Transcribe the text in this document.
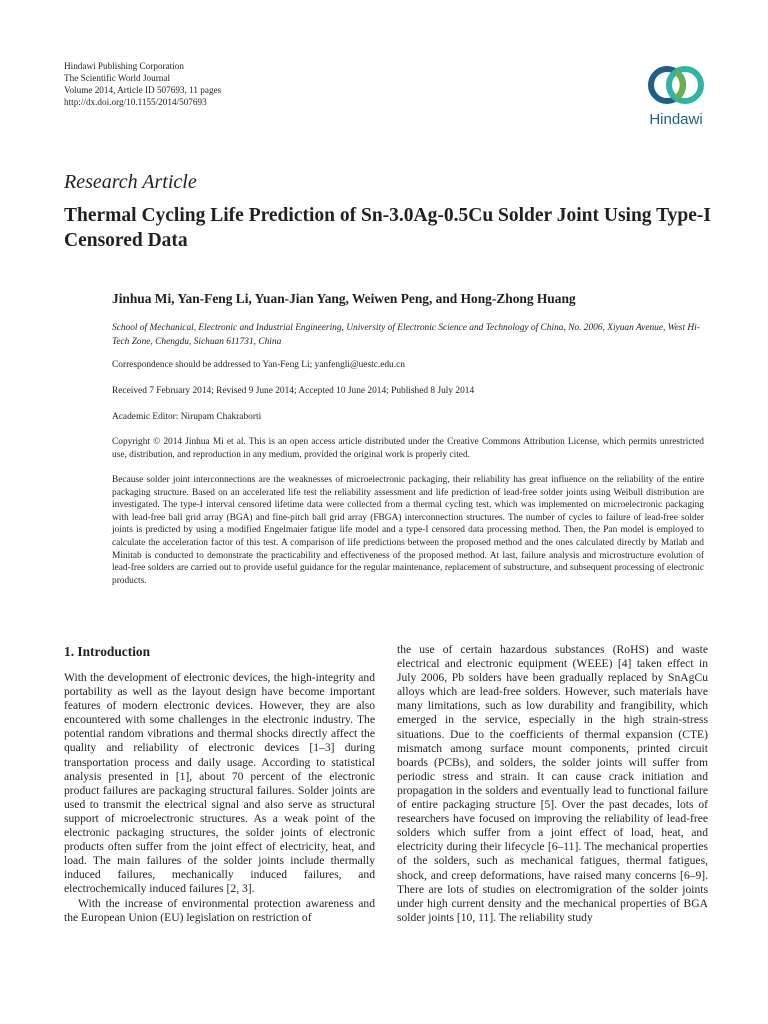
Hindawi Publishing Corporation
The Scientific World Journal
Volume 2014, Article ID 507693, 11 pages
http://dx.doi.org/10.1155/2014/507693
Hindawi
Research Article
Thermal Cycling Life Prediction of Sn-3.0Ag-0.5Cu Solder Joint Using Type-I Censored Data
Jinhua Mi, Yan-Feng Li, Yuan-Jian Yang, Weiwen Peng, and Hong-Zhong Huang
School of Mechanical, Electronic and Industrial Engineering, University of Electronic Science and Technology of China, No. 2006, Xiyuan Avenue, West Hi-Tech Zone, Chengdu, Sichuan 611731, China
Correspondence should be addressed to Yan-Feng Li; yanfengli@uestc.edu.cn
Received 7 February 2014; Revised 9 June 2014; Accepted 10 June 2014; Published 8 July 2014
Academic Editor: Nirupam Chakraborti
Copyright © 2014 Jinhua Mi et al. This is an open access article distributed under the Creative Commons Attribution License, which permits unrestricted use, distribution, and reproduction in any medium, provided the original work is properly cited.
Because solder joint interconnections are the weaknesses of microelectronic packaging, their reliability has great influence on the reliability of the entire packaging structure. Based on an accelerated life test the reliability assessment and life prediction of lead-free solder joints using Weibull distribution are investigated. The type-I interval censored lifetime data were collected from a thermal cycling test, which was implemented on microelectronic packaging with lead-free ball grid array (BGA) and fine-pitch ball grid array (FBGA) interconnection structures. The number of cycles to failure of lead-free solder joints is predicted by using a modified Engelmaier fatigue life model and a type-I censored data processing method. Then, the Pan model is employed to calculate the acceleration factor of this test. A comparison of life predictions between the proposed method and the ones calculated directly by Matlab and Minitab is conducted to demonstrate the practicability and effectiveness of the proposed method. At last, failure analysis and microstructure evolution of lead-free solders are carried out to provide useful guidance for the regular maintenance, replacement of substructure, and subsequent processing of electronic products.
1. Introduction

With the development of electronic devices, the high-integrity and portability as well as the layout design have become important features of modern electronic devices. However, they are also encountered with some challenges in the electronic industry. The potential random vibrations and thermal shocks directly affect the quality and reliability of electronic devices [1–3] during transportation process and daily usage. According to statistical analysis presented in [1], about 70 percent of the electronic product failures are packaging structural failures. Solder joints are used to transmit the electrical signal and also serve as structural support of microelectronic structures. As a weak point of the electronic packaging structures, the solder joints of electronic products often suffer from the joint effect of electricity, heat, and load. The main failures of the solder joints include thermally induced failures, mechanically induced failures, and electrochemically induced failures [2, 3].

With the increase of environmental protection awareness and the European Union (EU) legislation on restriction of

the use of certain hazardous substances (RoHS) and waste electrical and electronic equipment (WEEE) [4] taken effect in July 2006, Pb solders have been gradually replaced by SnAgCu alloys which are lead-free solders. However, such materials have many limitations, such as low durability and frangibility, which emerged in the service, especially in the high strain-stress situations. Due to the coefficients of thermal expansion (CTE) mismatch among surface mount components, printed circuit boards (PCBs), and solders, the solder joints will suffer from periodic stress and strain. It can cause crack initiation and propagation in the solders and eventually lead to functional failure of entire packaging structure [5]. Over the past decades, lots of researchers have focused on improving the reliability of lead-free solders which suffer from a joint effect of load, heat, and electricity during their lifecycle [6–11]. The mechanical properties of the solders, such as mechanical fatigues, thermal fatigues, shock, and creep deformations, have raised many concerns [6–9]. There are lots of studies on electromigration of the solder joints under high current density and the mechanical properties of BGA solder joints [10, 11]. The reliability study
